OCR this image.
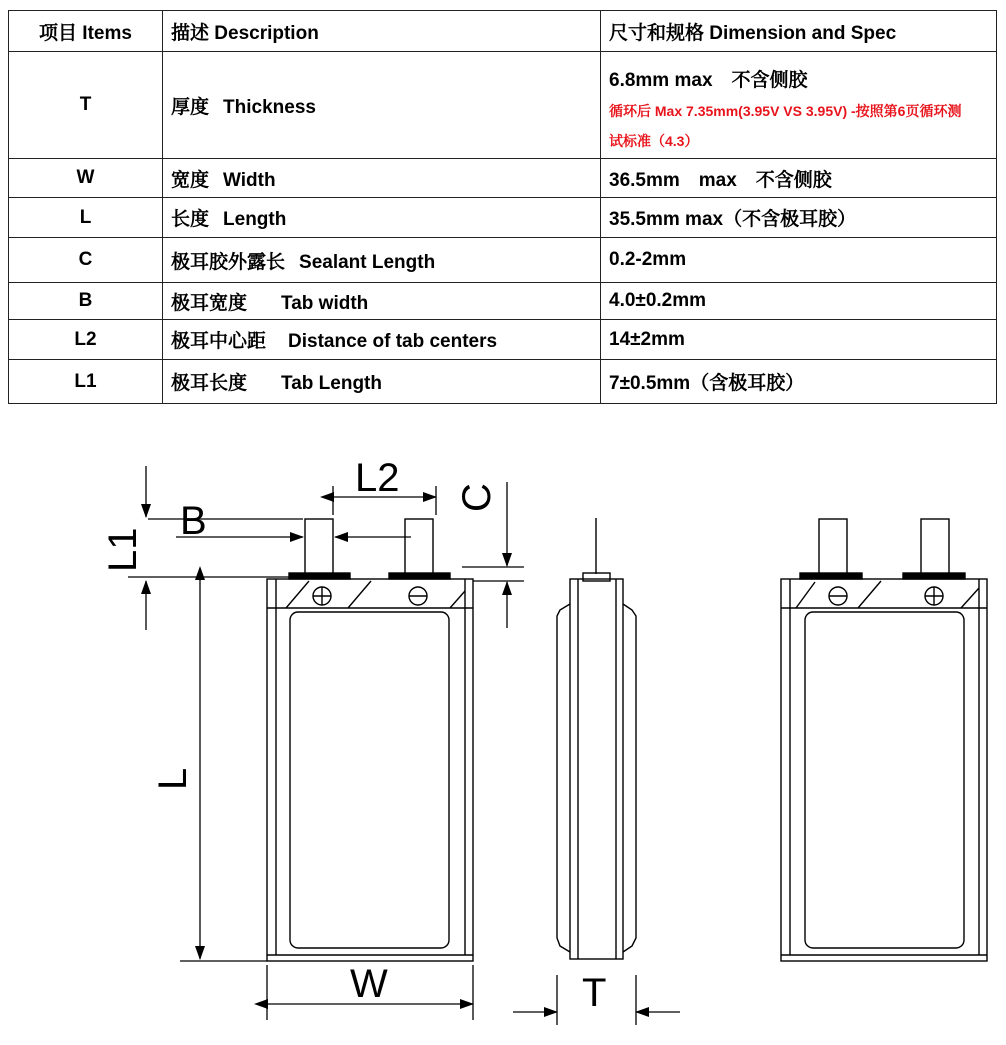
项目 Items	描述 Description	尺寸和规格 Dimension and Spec
T	厚度 Thickness	6.8mm max　不含侧胶
循环后 Max 7.35mm(3.95V VS 3.95V) -按照第6页循环测试标准（4.3）

W	宽度 Width	36.5mm　max　不含侧胶
L	长度 Length	35.5mm max（不含极耳胶）
C	极耳胶外露长 Sealant Length	0.2-2mm
B	极耳宽度 Tab width	4.0±0.2mm
L2	极耳中心距 Distance of tab centers	14±2mm
L1	极耳长度 Tab Length	7±0.5mm（含极耳胶）
L2
B
L1
C
L
W	T
